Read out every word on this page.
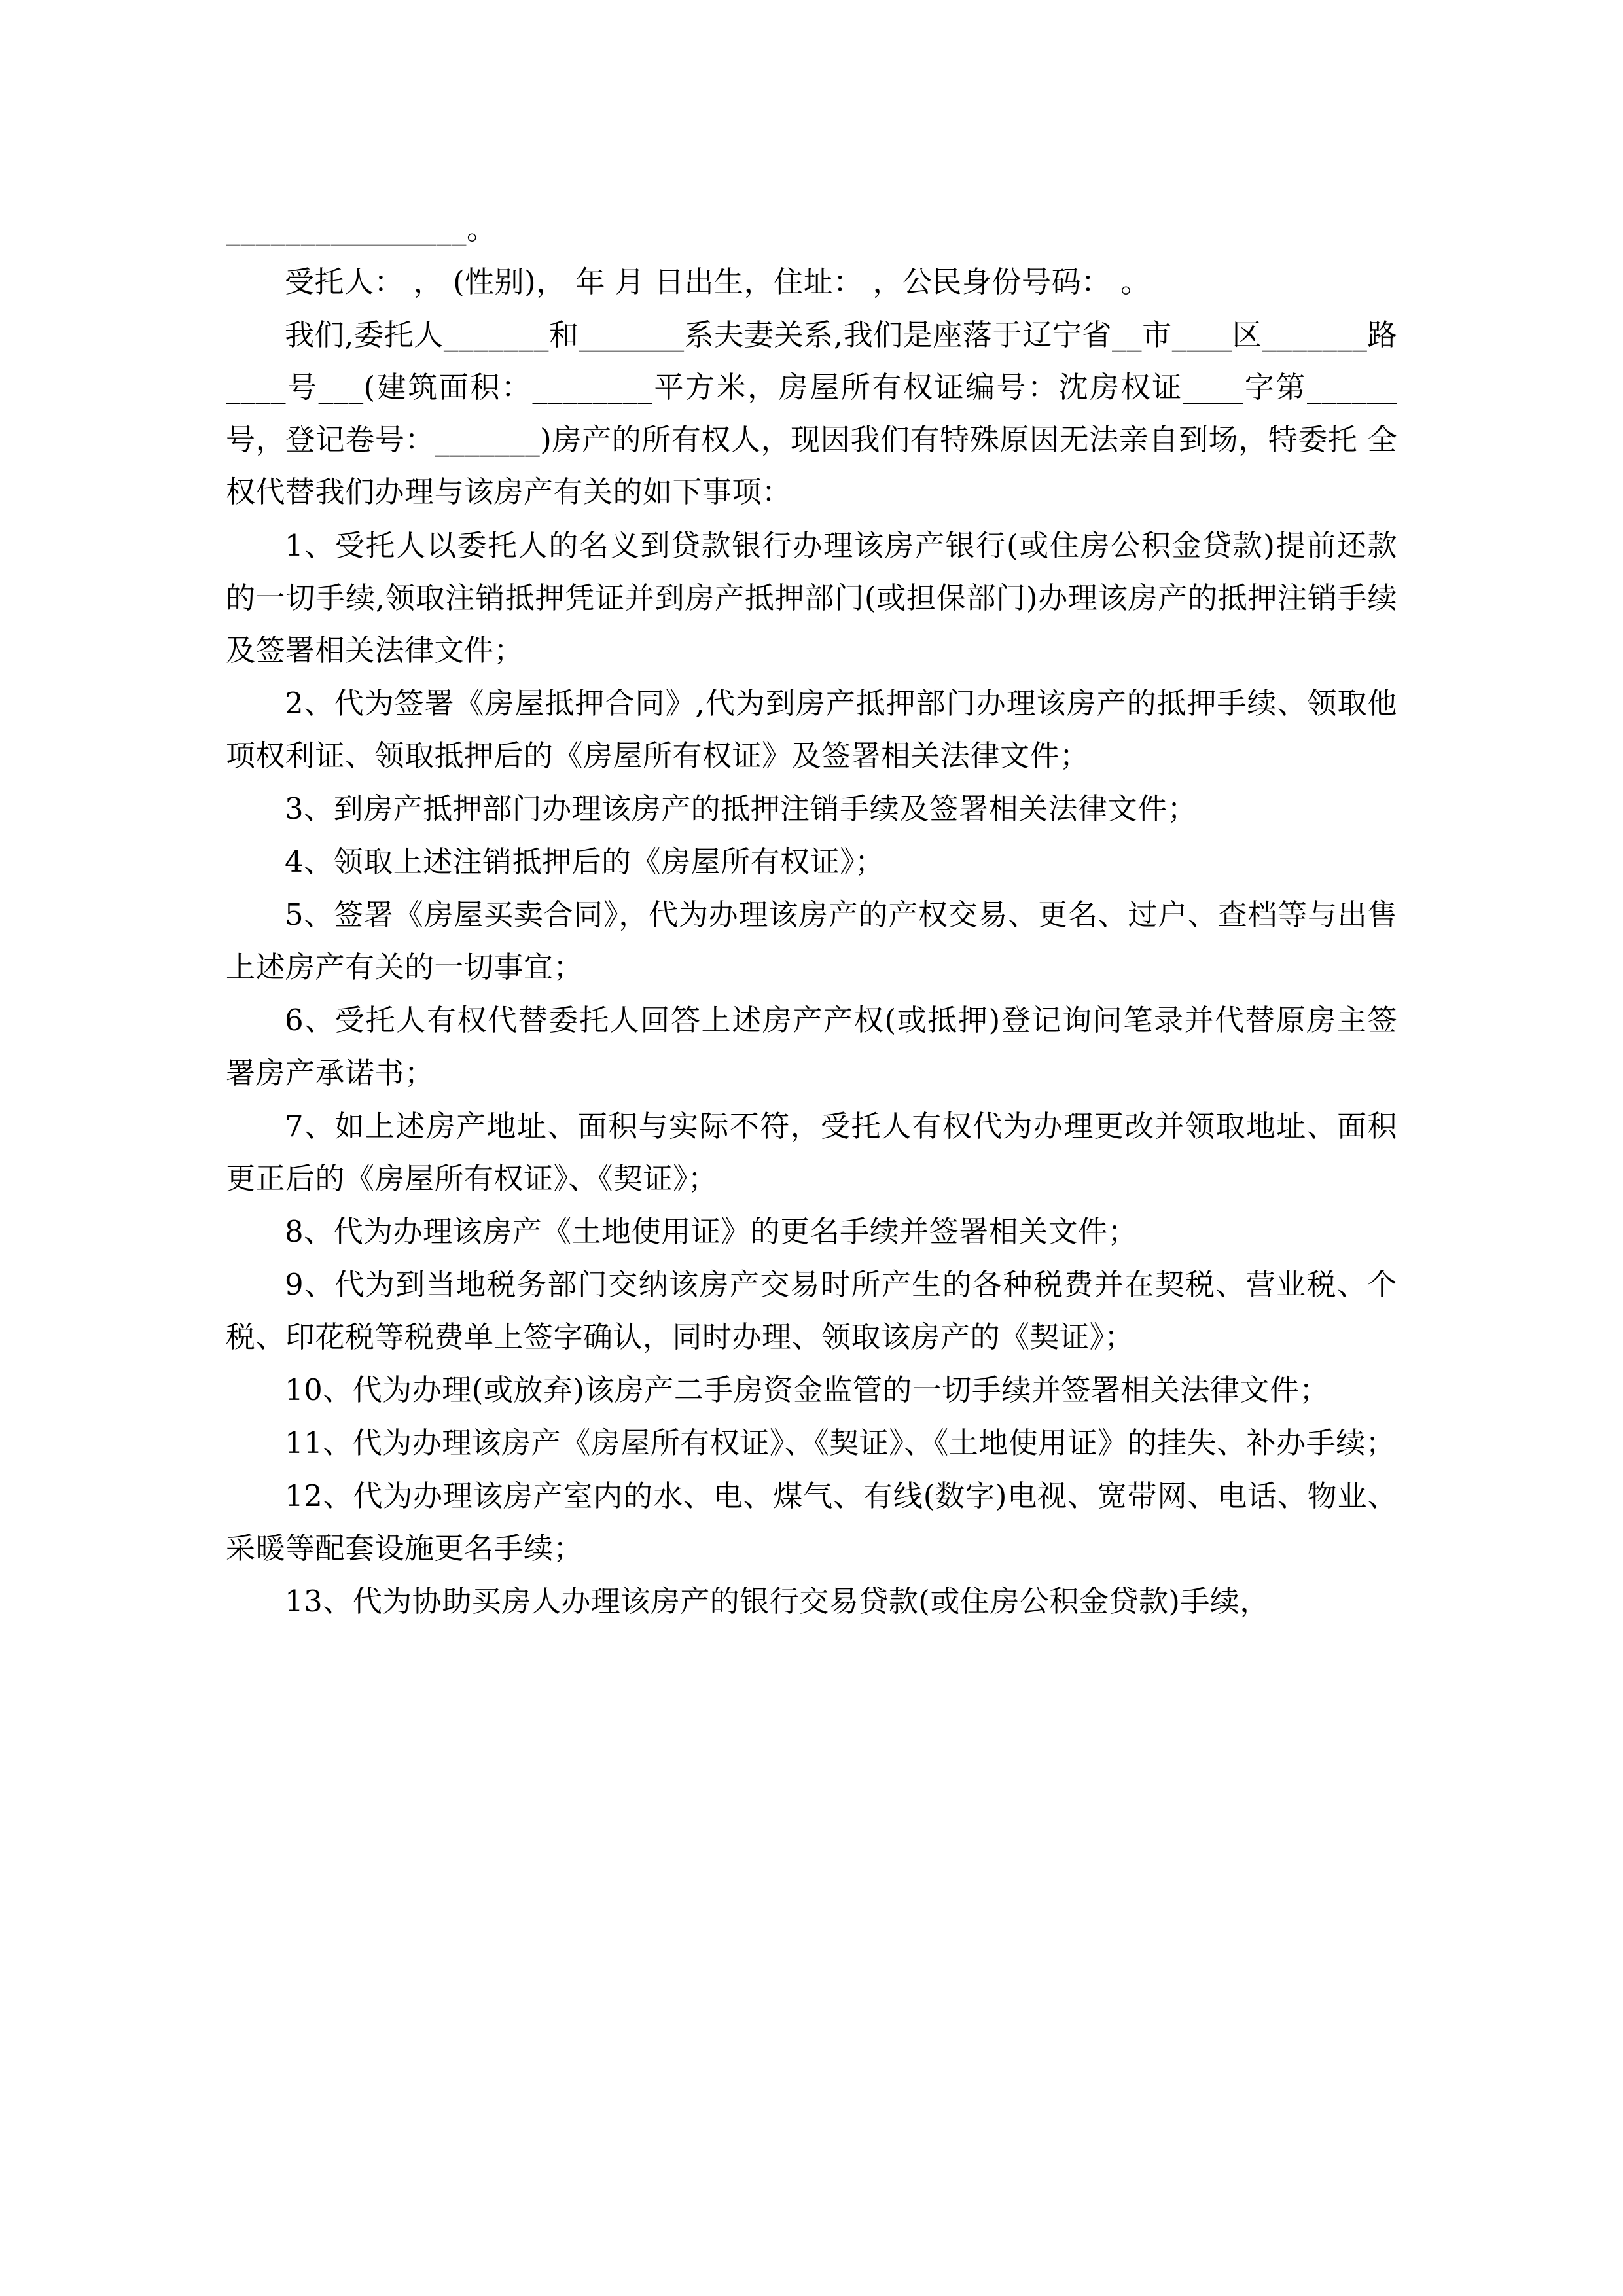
________________。

受托人： ， (性别)， 年 月 日出生，住址： ，公民身份号码： 。

我们,委托人_______和_______系夫妻关系,我们是座落于辽宁省__市____区_______路____号___(建筑面积：________平方米，房屋所有权证编号：沈房权证____字第______号，登记卷号：_______)房产的所有权人，现因我们有特殊原因无法亲自到场，特委托 全权代替我们办理与该房产有关的如下事项：

1、受托人以委托人的名义到贷款银行办理该房产银行(或住房公积金贷款)提前还款的一切手续,领取注销抵押凭证并到房产抵押部门(或担保部门)办理该房产的抵押注销手续及签署相关法律文件；

2、代为签署《房屋抵押合同》,代为到房产抵押部门办理该房产的抵押手续、领取他项权利证、领取抵押后的《房屋所有权证》及签署相关法律文件；

3、到房产抵押部门办理该房产的抵押注销手续及签署相关法律文件；

4、领取上述注销抵押后的《房屋所有权证》；

5、签署《房屋买卖合同》，代为办理该房产的产权交易、更名、过户、查档等与出售上述房产有关的一切事宜；

6、受托人有权代替委托人回答上述房产产权(或抵押)登记询问笔录并代替原房主签署房产承诺书；

7、如上述房产地址、面积与实际不符，受托人有权代为办理更改并领取地址、面积更正后的《房屋所有权证》、《契证》；

8、代为办理该房产《土地使用证》的更名手续并签署相关文件；

9、代为到当地税务部门交纳该房产交易时所产生的各种税费并在契税、营业税、个税、印花税等税费单上签字确认，同时办理、领取该房产的《契证》；

10、代为办理(或放弃)该房产二手房资金监管的一切手续并签署相关法律文件；

11、代为办理该房产《房屋所有权证》、《契证》、《土地使用证》的挂失、补办手续；

12、代为办理该房产室内的水、电、煤气、有线(数字)电视、宽带网、电话、物业、采暖等配套设施更名手续；

13、代为协助买房人办理该房产的银行交易贷款(或住房公积金贷款)手续，
